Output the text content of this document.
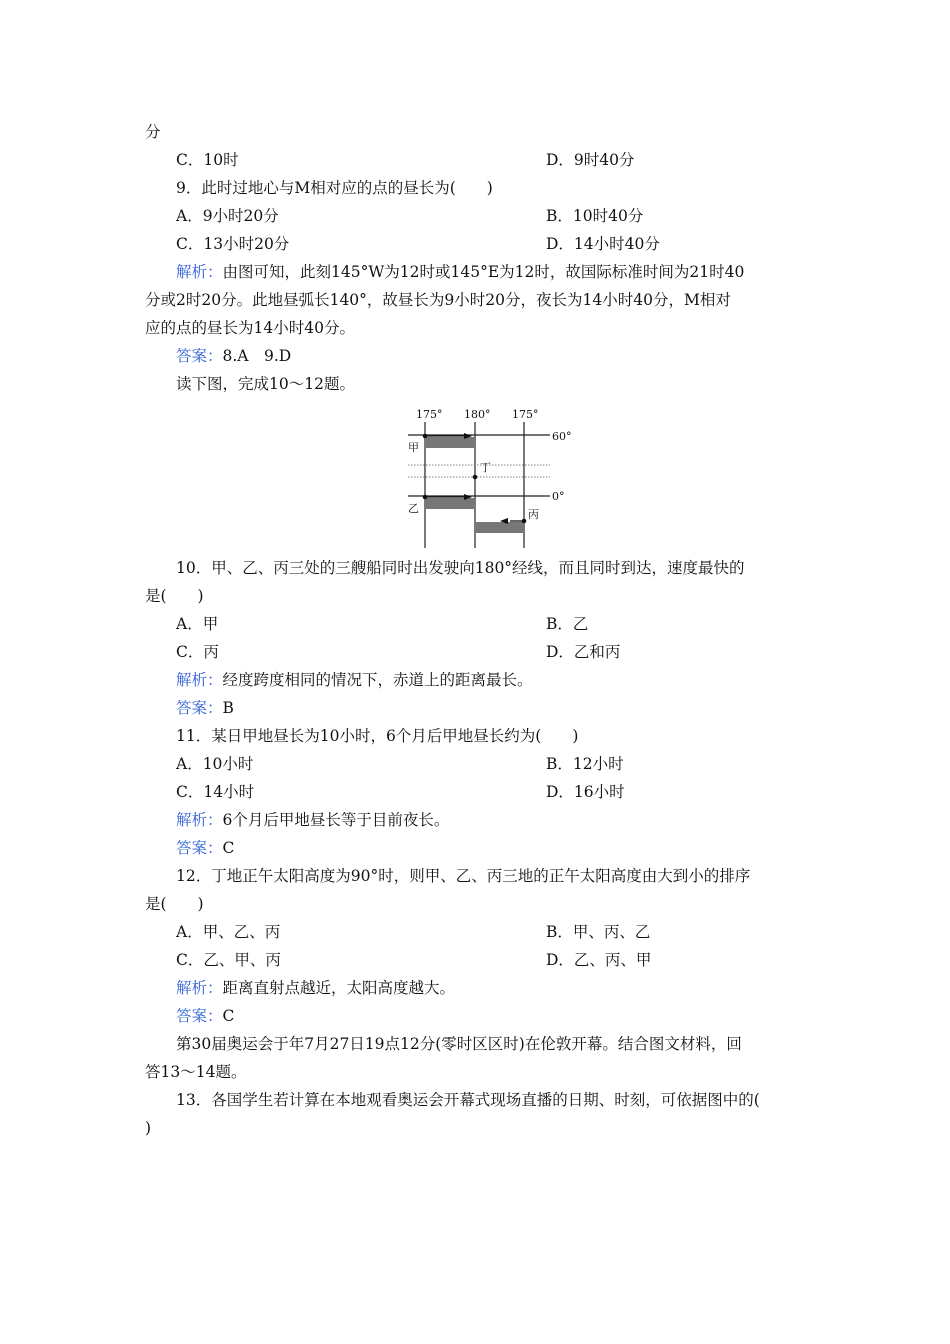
分
C．10时	D．9时40分
9．此时过地心与M相对应的点的昼长为(　　)
A．9小时20分	B．10时40分
C．13小时20分	D．14小时40分
解析：由图可知，此刻145°W为12时或145°E为12时，故国际标准时间为21时40
分或2时20分。此地昼弧长140°，故昼长为9小时20分，夜长为14小时40分，M相对
应的点的昼长为14小时40分。
答案：8.A　9.D
读下图，完成10～12题。
175° 180° 175°
60°
0°
甲
乙	丙
丁
10．甲、乙、丙三处的三艘船同时出发驶向180°经线，而且同时到达，速度最快的
是(　　)
A．甲	B．乙
C．丙	D．乙和丙
解析：经度跨度相同的情况下，赤道上的距离最长。
答案：B
11．某日甲地昼长为10小时，6个月后甲地昼长约为(　　)
A．10小时	B．12小时
C．14小时	D．16小时
解析：6个月后甲地昼长等于目前夜长。
答案：C
12．丁地正午太阳高度为90°时，则甲、乙、丙三地的正午太阳高度由大到小的排序
是(　　)
A．甲、乙、丙	B．甲、丙、乙
C．乙、甲、丙	D．乙、丙、甲
解析：距离直射点越近，太阳高度越大。
答案：C
第30届奥运会于年7月27日19点12分(零时区区时)在伦敦开幕。结合图文材料，回
答13～14题。
13．各国学生若计算在本地观看奥运会开幕式现场直播的日期、时刻，可依据图中的(
)
